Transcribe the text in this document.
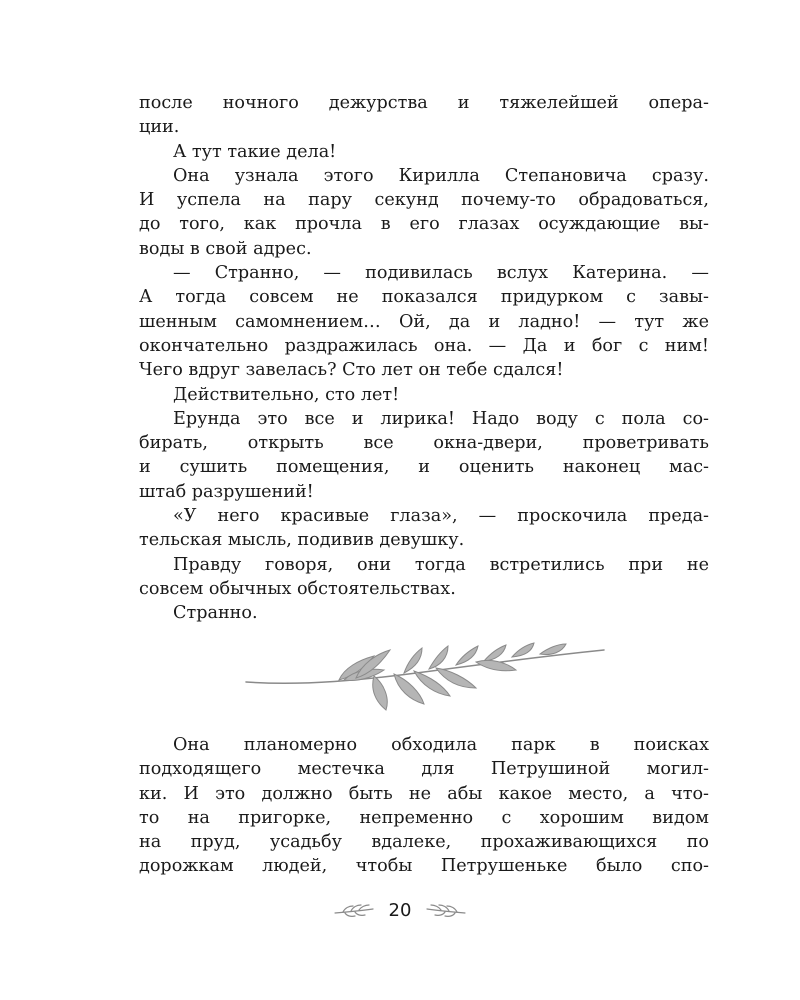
после ночного дежурства и тяжелейшей опера-
ции.
А тут такие дела!
Она узнала этого Кирилла Степановича сразу.
И успела на пару секунд почему-то обрадоваться,
до того, как прочла в его глазах осуждающие вы-
воды в свой адрес.
— Странно, — подивилась вслух Катерина. —
А тогда совсем не показался придурком с завы-
шенным самомнением… Ой, да и ладно! — тут же
окончательно раздражилась она. — Да и бог с ним!
Чего вдруг завелась? Сто лет он тебе сдался!
Действительно, сто лет!
Ерунда это все и лирика! Надо воду с пола со-
бирать, открыть все окна-двери, проветривать
и сушить помещения, и оценить наконец мас-
штаб разрушений!
«У него красивые глаза», — проскочила преда-
тельская мысль, подивив девушку.
Правду говоря, они тогда встретились при не
совсем обычных обстоятельствах.
Странно.
Она планомерно обходила парк в поисках
подходящего местечка для Петрушиной могил-
ки. И это должно быть не абы какое место, а что-
то на пригорке, непременно с хорошим видом
на пруд, усадьбу вдалеке, прохаживающихся по
дорожкам людей, чтобы Петрушеньке было спо-
20
